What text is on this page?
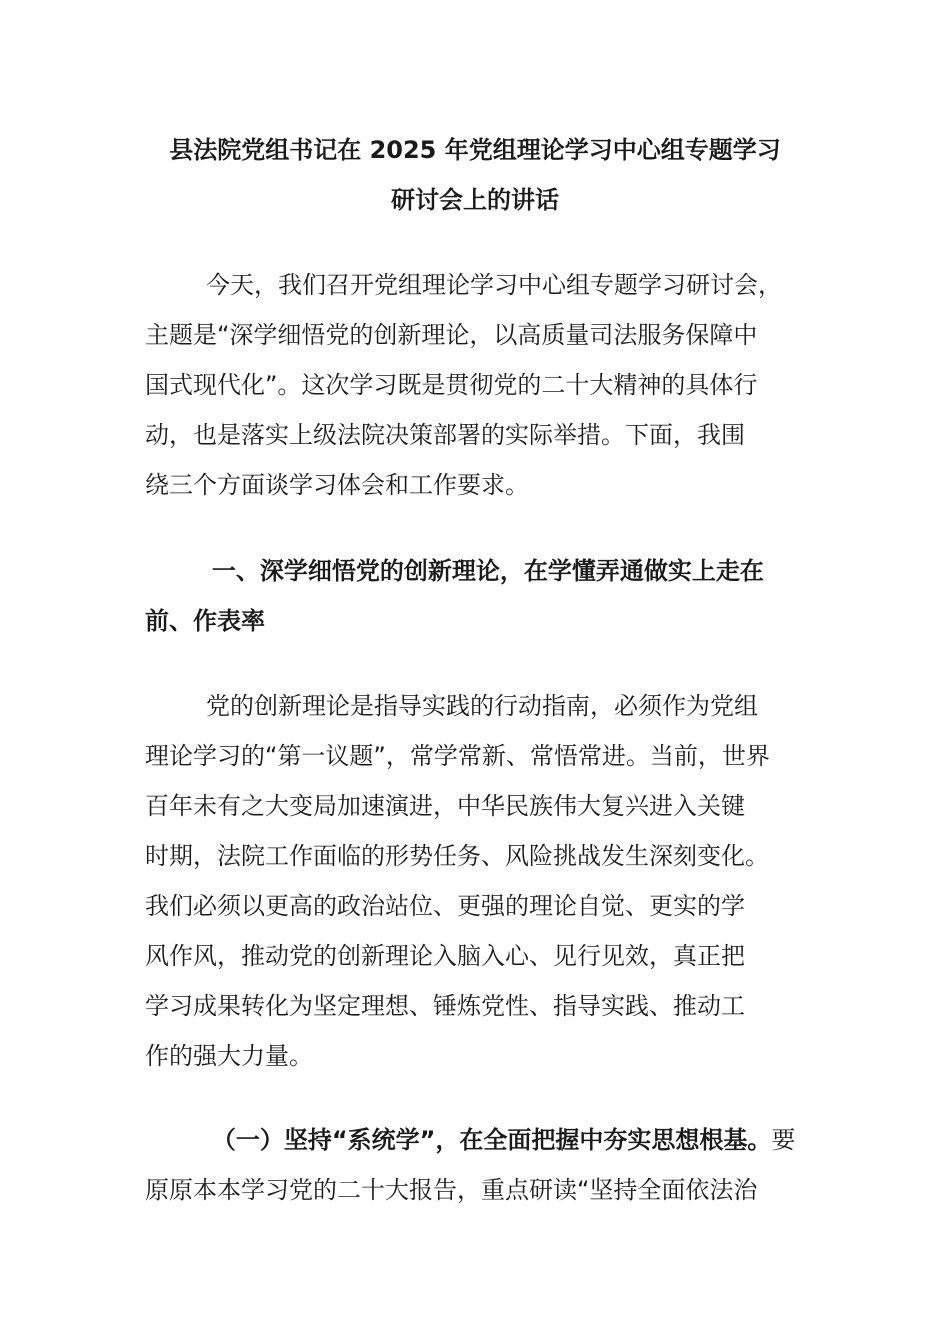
县法院党组书记在 2025 年党组理论学习中心组专题学习
研讨会上的讲话

今天，我们召开党组理论学习中心组专题学习研讨会，

主题是“深学细悟党的创新理论，以高质量司法服务保障中

国式现代化”。这次学习既是贯彻党的二十大精神的具体行

动，也是落实上级法院决策部署的实际举措。下面，我围

绕三个方面谈学习体会和工作要求。

一、深学细悟党的创新理论，在学懂弄通做实上走在

前、作表率

党的创新理论是指导实践的行动指南，必须作为党组

理论学习的“第一议题”，常学常新、常悟常进。当前，世界

百年未有之大变局加速演进，中华民族伟大复兴进入关键

时期，法院工作面临的形势任务、风险挑战发生深刻变化。

我们必须以更高的政治站位、更强的理论自觉、更实的学

风作风，推动党的创新理论入脑入心、见行见效，真正把

学习成果转化为坚定理想、锤炼党性、指导实践、推动工

作的强大力量。

（一）坚持“系统学”，在全面把握中夯实思想根基。要

原原本本学习党的二十大报告，重点研读“坚持全面依法治
